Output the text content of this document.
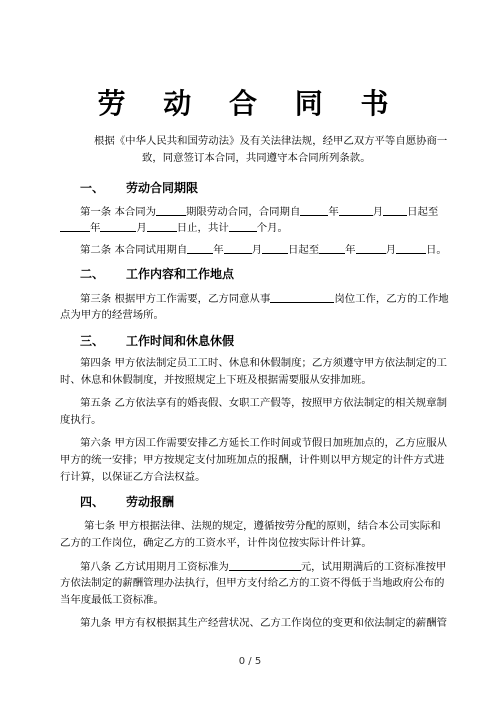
劳 动 合 同 书
根据《中华人民共和国劳动法》及有关法律法规，经甲乙双方平等自愿协商一
致，同意签订本合同，共同遵守本合同所列条款。
一、 劳动合同期限
第一条 本合同为	期限劳动合同，合同期自	年	月 日起至
年	月	日止，共计	个月。
第二条 本合同试用期自	年	月	日起至	年	月	日。
二、 工作内容和工作地点
第三条 根据甲方工作需要，乙方同意从事	岗位工作，乙方的工作地
点为甲方的经营场所。
三、 工作时间和休息休假
第四条 甲方依法制定员工工时、休息和休假制度；乙方须遵守甲方依法制定的工
时、休息和休假制度，并按照规定上下班及根据需要服从安排加班。
第五条 乙方依法享有的婚丧假、女职工产假等，按照甲方依法制定的相关规章制
度执行。
第六条 甲方因工作需要安排乙方延长工作时间或节假日加班加点的，乙方应服从
甲方的统一安排；甲方按规定支付加班加点的报酬，计件则以甲方规定的计件方式进
行计算，以保证乙方合法权益。
四、 劳动报酬
第七条 甲方根据法律、法规的规定，遵循按劳分配的原则，结合本公司实际和
乙方的工作岗位，确定乙方的工资水平，计件岗位按实际计件计算。
第八条 乙方试用期月工资标准为	元，试用期满后的工资标准按甲
方依法制定的薪酬管理办法执行，但甲方支付给乙方的工资不得低于当地政府公布的
当年度最低工资标准。
第九条 甲方有权根据其生产经营状况、乙方工作岗位的变更和依法制定的薪酬管
0 / 5
